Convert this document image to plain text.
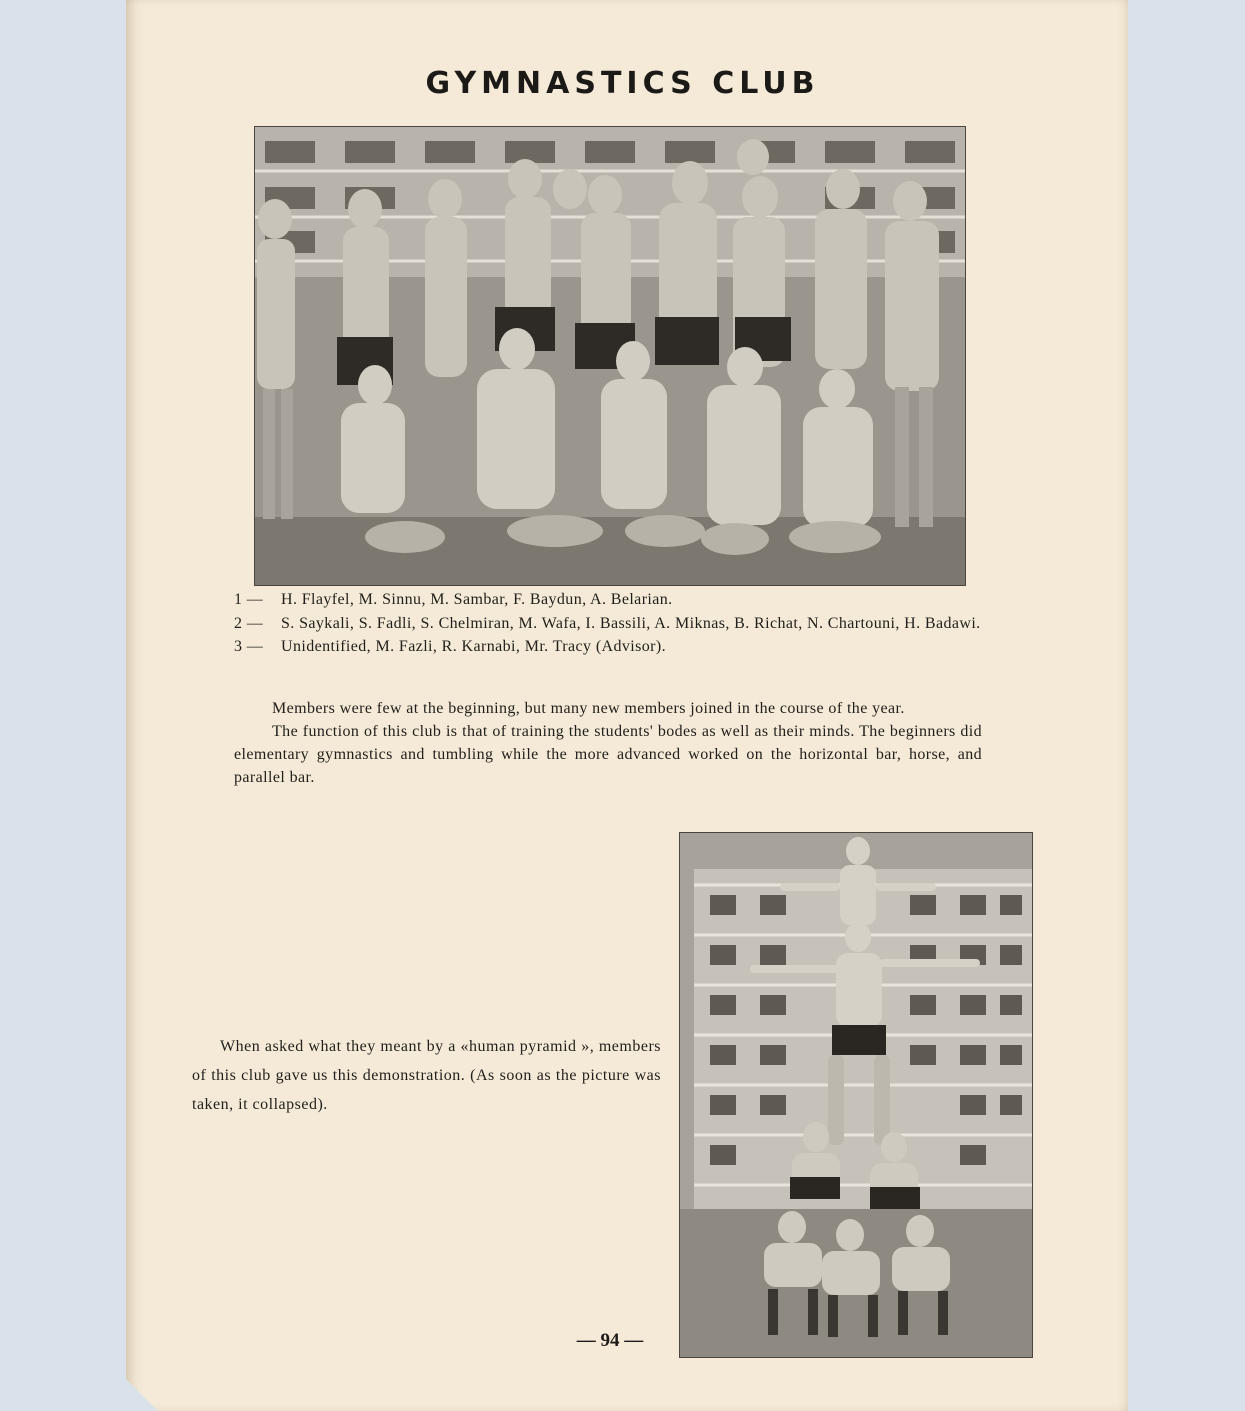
GYMNASTICS CLUB
1 —	H. Flayfel, M. Sinnu, M. Sambar, F. Baydun, A. Belarian.
2 —	S. Saykali, S. Fadli, S. Chelmiran, M. Wafa, I. Bassili, A. Miknas, B. Richat, N. Chartouni, H. Badawi.
3 —	Unidentified, M. Fazli, R. Karnabi, Mr. Tracy (Advisor).

Members were few at the beginning, but many new members joined in the course of the year.

The function of this club is that of training the students' bodes as well as their minds. The beginners did elementary gymnastics and tumbling while the more advanced worked on the horizontal bar, horse, and parallel bar.

When asked what they meant by a «human pyramid », members of this club gave us this demonstration. (As soon as the picture was taken, it collapsed).

— 94 —
